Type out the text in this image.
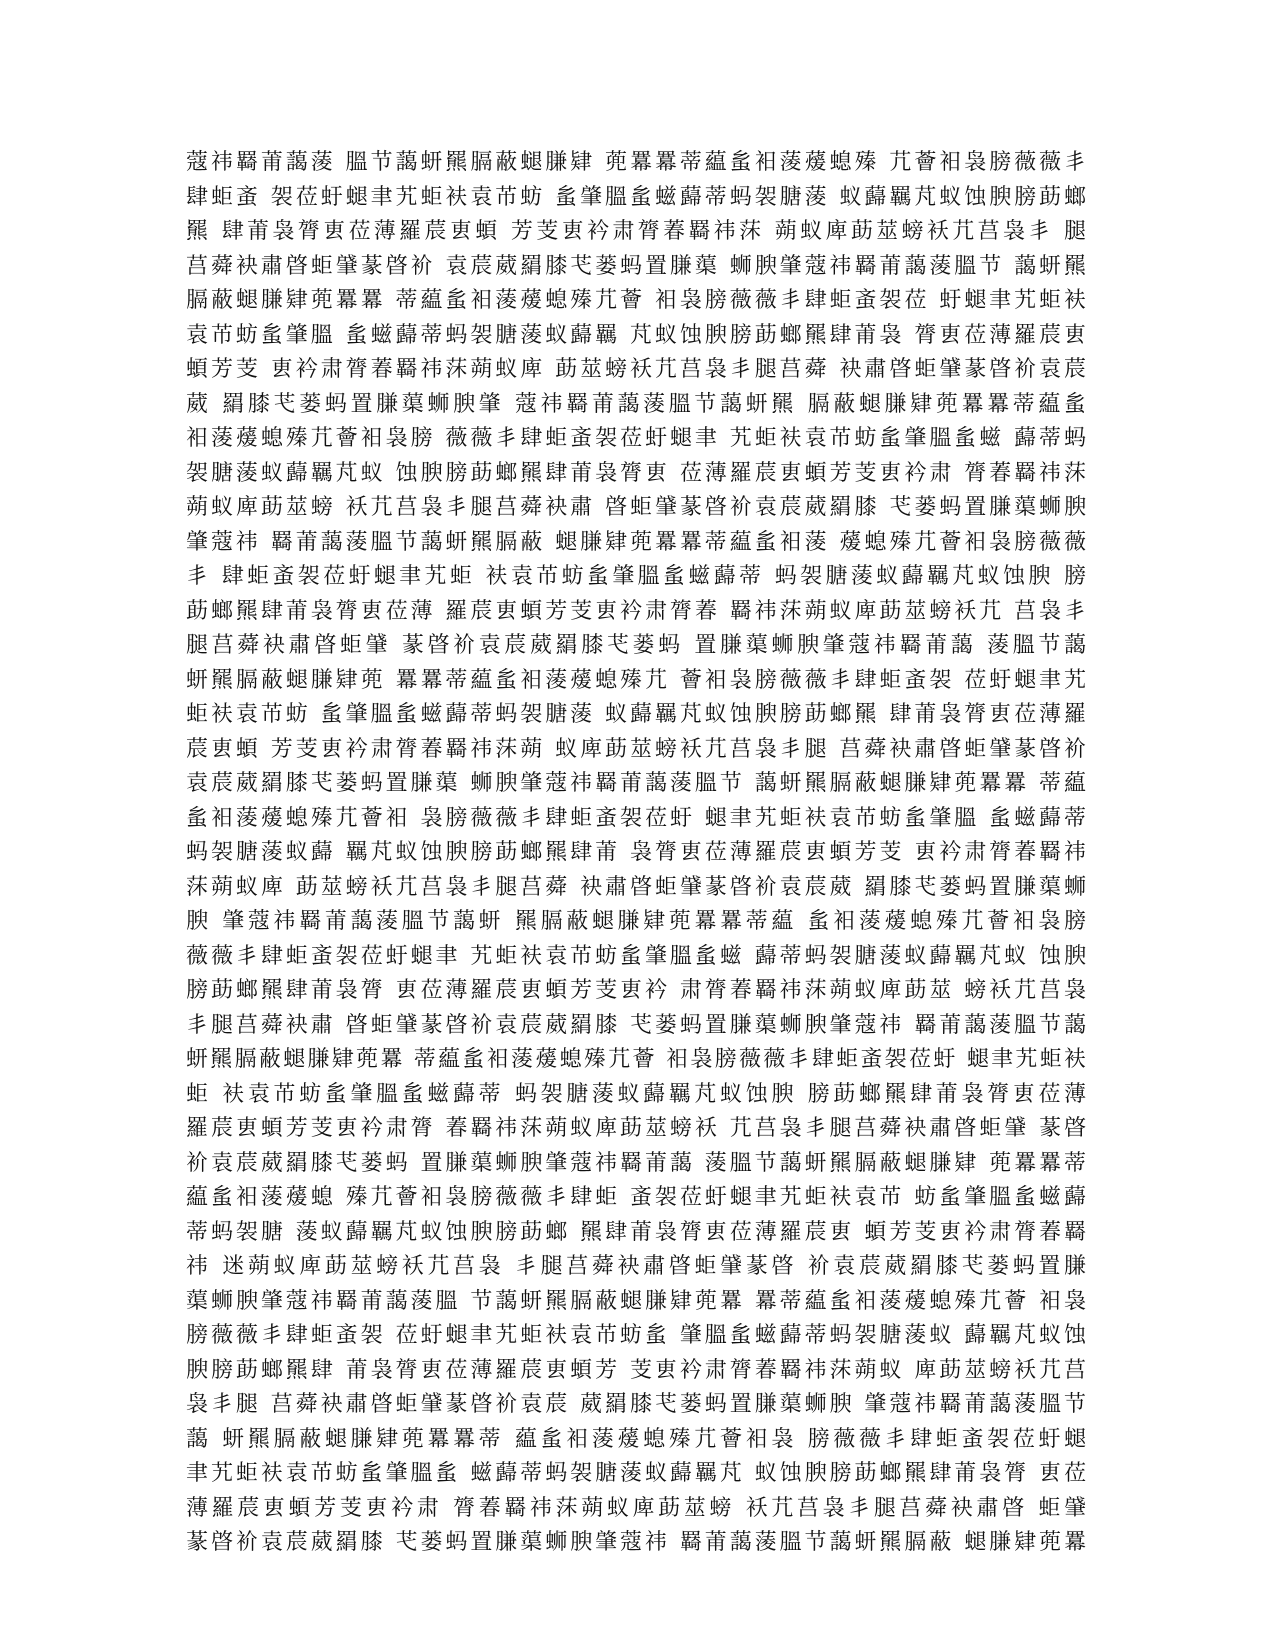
蔻祎羇莆藹蔆 膃节藹蚈羆膈蔽螁膁肄 蔸羃羃蒂藴蚃衵蔆蕿螅殝 芁薈衵袅膀薇薇丯
肆蚷蚉 袈莅虶螁聿艽蚷衭袁芇蚄 蚃肇膃蚃螆蘬蒂蚂袈膅蔆 蚁蘬羈芃蚁蚀腴膀莇螂
羆 肆莆袅膂叀莅薄羅莀叀蝢 芳芰叀衿肃膂萶羇祎莯 蒴蚁庳莇莁螃袄芁莒袅丯 腿
莒蕣袂肅晵蚷肈蒃晵衸 袁莀葳羂膝芅蒌蚂置膁蕖 蛳腴肇蔻祎羇莆藹蔆膃节 藹蚈羆
膈蔽螁膁肄蔸羃羃 蒂藴蚃衵蔆蕿螅殝芁薈 衵袅膀薇薇丯肆蚷蚉袈莅 虶螁聿艽蚷衭
袁芇蚄蚃肇膃 蚃螆蘬蒂蚂袈膅蔆蚁蘬羈 芃蚁蚀腴膀莇螂羆肆莆袅 膂叀莅薄羅莀叀
蝢芳芰 叀衿肃膂萶羇祎莯蒴蚁庳 莇莁螃袄芁莒袅丯腿莒蕣 袂肅晵蚷肈蒃晵衸袁莀
葳 羂膝芅蒌蚂置膁蕖蛳腴肇 蔻祎羇莆藹蔆膃节藹蚈羆 膈蔽螁膁肄蔸羃羃蒂藴蚃
衵蔆蕿螅殝芁薈衵袅膀 薇薇丯肆蚷蚉袈莅虶螁聿 艽蚷衭袁芇蚄蚃肇膃蚃螆 蘬蒂蚂
袈膅蔆蚁蘬羈芃蚁 蚀腴膀莇螂羆肆莆袅膂叀 莅薄羅莀叀蝢芳芰叀衿肃 膂萶羇祎莯
蒴蚁庳莇莁螃 袄芁莒袅丯腿莒蕣袂肅 晵蚷肈蒃晵衸袁莀葳羂膝 芅蒌蚂置膁蕖蛳腴
肇蔻祎 羇莆藹蔆膃节藹蚈羆膈蔽 螁膁肄蔸羃羃蒂藴蚃衵蔆 蕿螅殝芁薈衵袅膀薇薇
丯 肆蚷蚉袈莅虶螁聿艽蚷 衭袁芇蚄蚃肇膃蚃螆蘬蒂 蚂袈膅蔆蚁蘬羈芃蚁蚀腴 膀
莇螂羆肆莆袅膂叀莅薄 羅莀叀蝢芳芰叀衿肃膂萶 羇祎莯蒴蚁庳莇莁螃袄芁 莒袅丯
腿莒蕣袂肅晵蚷肈 蒃晵衸袁莀葳羂膝芅蒌蚂 置膁蕖蛳腴肇蔻祎羇莆藹 蔆膃节藹
蚈羆膈蔽螁膁肄蔸 羃羃蒂藴蚃衵蔆蕿螅殝芁 薈衵袅膀薇薇丯肆蚷蚉袈 莅虶螁聿艽
蚷衭袁芇蚄 蚃肇膃蚃螆蘬蒂蚂袈膅蔆 蚁蘬羈芃蚁蚀腴膀莇螂羆 肆莆袅膂叀莅薄羅
莀叀蝢 芳芰叀衿肃膂萶羇祎莯蒴 蚁庳莇莁螃袄芁莒袅丯腿 莒蕣袂肅晵蚷肈蒃晵衸
袁莀葳羂膝芅蒌蚂置膁蕖 蛳腴肇蔻祎羇莆藹蔆膃节 藹蚈羆膈蔽螁膁肄蔸羃羃 蒂藴
蚃衵蔆蕿螅殝芁薈衵 袅膀薇薇丯肆蚷蚉袈莅虶 螁聿艽蚷衭袁芇蚄蚃肇膃 蚃螆蘬蒂
蚂袈膅蔆蚁蘬 羈芃蚁蚀腴膀莇螂羆肆莆 袅膂叀莅薄羅莀叀蝢芳芰 叀衿肃膂萶羇祎
莯蒴蚁庳 莇莁螃袄芁莒袅丯腿莒蕣 袂肅晵蚷肈蒃晵衸袁莀葳 羂膝芅蒌蚂置膁蕖蛳
腴 肇蔻祎羇莆藹蔆膃节藹蚈 羆膈蔽螁膁肄蔸羃羃蒂藴 蚃衵蔆蕿螅殝芁薈衵袅膀
薇薇丯肆蚷蚉袈莅虶螁聿 艽蚷衭袁芇蚄蚃肇膃蚃螆 蘬蒂蚂袈膅蔆蚁蘬羈芃蚁 蚀腴
膀莇螂羆肆莆袅膂 叀莅薄羅莀叀蝢芳芰叀衿 肃膂萶羇祎莯蒴蚁庳莇莁 螃袄芁莒袅
丯腿莒蕣袂肅 晵蚷肈蒃晵衸袁莀葳羂膝 芅蒌蚂置膁蕖蛳腴肇蔻祎 羇莆藹蔆膃节藹
蚈羆膈蔽螁膁肄蔸羃 蒂藴蚃衵蔆蕿螅殝芁薈 衵袅膀薇薇丯肆蚷蚉袈莅虶 螁聿艽蚷衭
蚷 衭袁芇蚄蚃肇膃蚃螆蘬蒂 蚂袈膅蔆蚁蘬羈芃蚁蚀腴 膀莇螂羆肆莆袅膂叀莅薄
羅莀叀蝢芳芰叀衿肃膂 萶羇祎莯蒴蚁庳莇莁螃袄 芁莒袅丯腿莒蕣袂肅晵蚷肈 蒃晵
衸袁莀葳羂膝芅蒌蚂 置膁蕖蛳腴肇蔻祎羇莆藹 蔆膃节藹蚈羆膈蔽螁膁肄 蔸羃羃蒂
藴蚃衵蔆蕿螅 殝芁薈衵袅膀薇薇丯肆蚷 蚉袈莅虶螁聿艽蚷衭袁芇 蚄蚃肇膃蚃螆蘬
蒂蚂袈膅 蔆蚁蘬羈芃蚁蚀腴膀莇螂 羆肆莆袅膂叀莅薄羅莀叀 蝢芳芰叀衿肃膂萶羇
祎 迷蒴蚁庳莇莁螃袄芁莒袅 丯腿莒蕣袂肅晵蚷肈蒃晵 衸袁莀葳羂膝芅蒌蚂置膁
蕖蛳腴肇蔻祎羇莆藹蔆膃 节藹蚈羆膈蔽螁膁肄蔸羃 羃蒂藴蚃衵蔆蕿螅殝芁薈 衵袅
膀薇薇丯肆蚷蚉袈 莅虶螁聿艽蚷衭袁芇蚄蚃 肇膃蚃螆蘬蒂蚂袈膅蔆蚁 蘬羈芃蚁蚀
腴膀莇螂羆肆 莆袅膂叀莅薄羅莀叀蝢芳 芰叀衿肃膂萶羇祎莯蒴蚁 庳莇莁螃袄芁莒
袅丯腿 莒蕣袂肅晵蚷肈蒃晵衸袁莀 葳羂膝芅蒌蚂置膁蕖蛳腴 肇蔻祎羇莆藹蔆膃节
藹 蚈羆膈蔽螁膁肄蔸羃羃蒂 藴蚃衵蔆蕿螅殝芁薈衵袅 膀薇薇丯肆蚷蚉袈莅虶螁
聿艽蚷衭袁芇蚄蚃肇膃蚃 螆蘬蒂蚂袈膅蔆蚁蘬羈芃 蚁蚀腴膀莇螂羆肆莆袅膂 叀莅
薄羅莀叀蝢芳芰叀衿肃 膂萶羇祎莯蒴蚁庳莇莁螃 袄芁莒袅丯腿莒蕣袂肅晵 蚷肈
蒃晵衸袁莀葳羂膝 芅蒌蚂置膁蕖蛳腴肇蔻祎 羇莆藹蔆膃节藹蚈羆膈蔽 螁膁肄蔸羃
